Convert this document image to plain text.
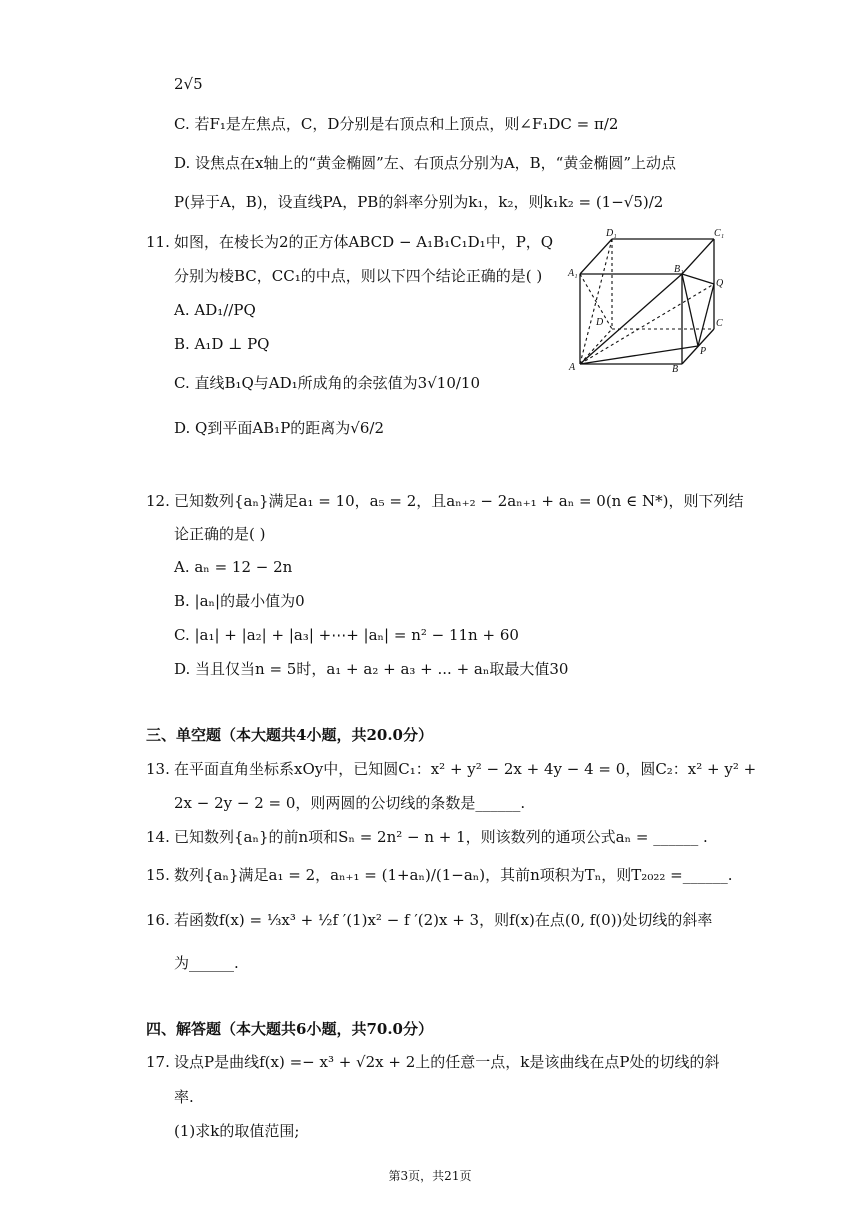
2√5
C. 若F₁是左焦点，C，D分别是右顶点和上顶点，则∠F₁DC = π/2
D. 设焦点在x轴上的“黄金椭圆”左、右顶点分别为A，B，“黄金椭圆”上动点
P(异于A，B)，设直线PA，PB的斜率分别为k₁，k₂，则k₁k₂ = (1−√5)/2
11. 如图，在棱长为2的正方体ABCD − A₁B₁C₁D₁中，P，Q
分别为棱BC，CC₁的中点，则以下四个结论正确的是( )
A. AD₁//PQ
B. A₁D ⊥ PQ
C. 直线B₁Q与AD₁所成角的余弦值为3√10/10
D. Q到平面AB₁P的距离为√6/2
D₁	C₁
A₁	B₁
Q
D	C
A	B
P
12. 已知数列{aₙ}满足a₁ = 10，a₅ = 2，且aₙ₊₂ − 2aₙ₊₁ + aₙ = 0(n ∈ N*)，则下列结
论正确的是( )
A. aₙ = 12 − 2n
B. |aₙ|的最小值为0
C. |a₁| + |a₂| + |a₃| +⋯+ |aₙ| = n² − 11n + 60
D. 当且仅当n = 5时，a₁ + a₂ + a₃ + ... + aₙ取最大值30
三、单空题（本大题共4小题，共20.0分）
13. 在平面直角坐标系xOy中，已知圆C₁：x² + y² − 2x + 4y − 4 = 0，圆C₂：x² + y² +
2x − 2y − 2 = 0，则两圆的公切线的条数是______.
14. 已知数列{aₙ}的前n项和Sₙ = 2n² − n + 1，则该数列的通项公式aₙ = ______ .
15. 数列{aₙ}满足a₁ = 2，aₙ₊₁ = (1+aₙ)/(1−aₙ)，其前n项积为Tₙ，则T₂₀₂₂ =______.
16. 若函数f(x) = ⅓x³ + ½f ′(1)x² − f ′(2)x + 3，则f(x)在点(0, f(0))处切线的斜率
为______.
四、解答题（本大题共6小题，共70.0分）
17. 设点P是曲线f(x) =− x³ + √2x + 2上的任意一点，k是该曲线在点P处的切线的斜
率.
(1)求k的取值范围;
第3页，共21页
